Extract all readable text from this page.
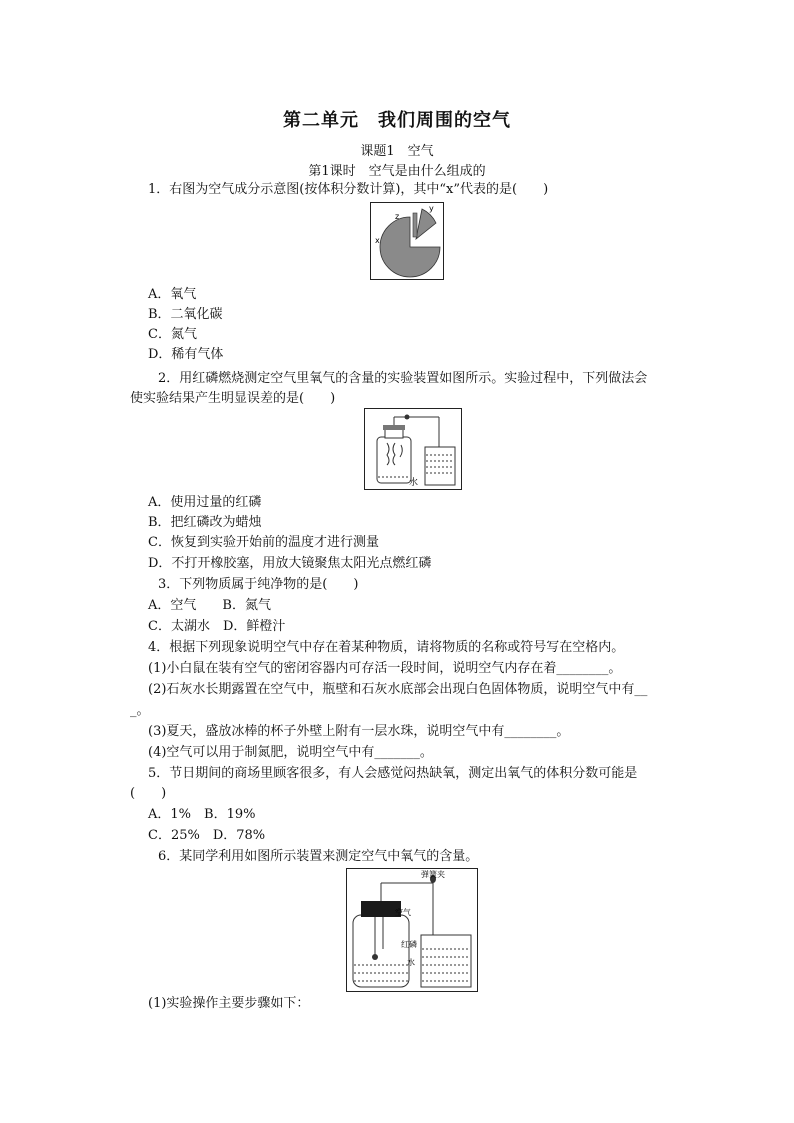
第二单元　我们周围的空气
课题1　空气
第1课时　空气是由什么组成的
1．右图为空气成分示意图(按体积分数计算)，其中“x”代表的是(　　)
x
y
z
A．氧气
B．二氧化碳
C．氮气
D．稀有气体
2．用红磷燃烧测定空气里氧气的含量的实验装置如图所示。实验过程中，下列做法会
使实验结果产生明显误差的是(　　)
水
A．使用过量的红磷
B．把红磷改为蜡烛
C．恢复到实验开始前的温度才进行测量
D．不打开橡胶塞，用放大镜聚焦太阳光点燃红磷
3．下列物质属于纯净物的是(　　)
A．空气　　B．氮气
C．太湖水　D．鲜橙汁
4．根据下列现象说明空气中存在着某种物质，请将物质的名称或符号写在空格内。
(1)小白鼠在装有空气的密闭容器内可存活一段时间，说明空气内存在着________。
(2)石灰水长期露置在空气中，瓶壁和石灰水底部会出现白色固体物质，说明空气中有__
_。
(3)夏天，盛放冰棒的杯子外壁上附有一层水珠，说明空气中有________。
(4)空气可以用于制氮肥，说明空气中有_______。
5．节日期间的商场里顾客很多，有人会感觉闷热缺氧，测定出氧气的体积分数可能是
(　　)
A．1%　B．19%
C．25%　D．78%
6．某同学利用如图所示装置来测定空气中氧气的含量。
弹簧夹
空气
红磷
水
(1)实验操作主要步骤如下：
